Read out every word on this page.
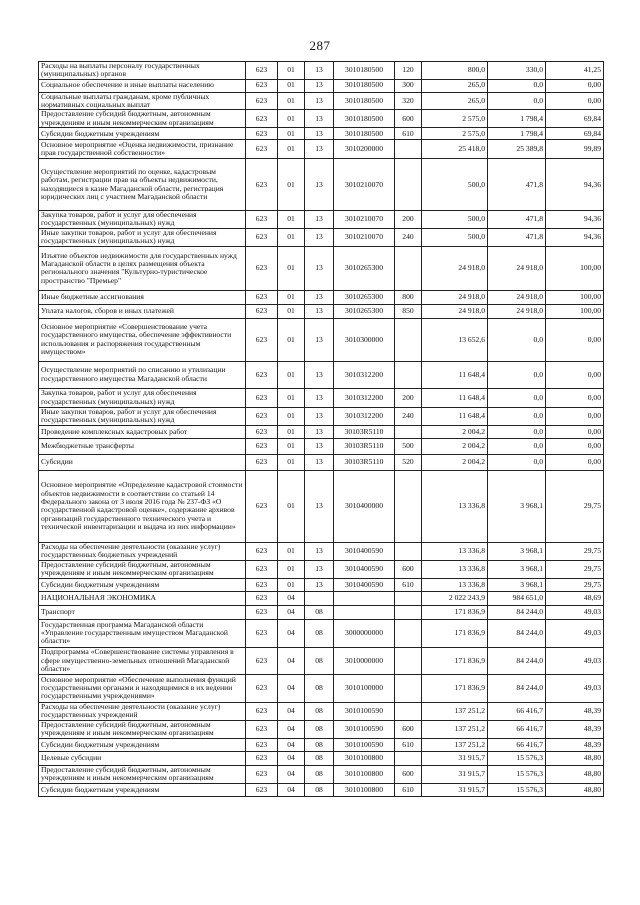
287
Расходы на выплаты персоналу государственных (муниципальных) органов	623	01	13	3010180500	120	800,0	330,0	41,25
Социальное обеспечение и иные выплаты населению	623	01	13	3010180500	300	265,0	0,0	0,00
Социальные выплаты гражданам, кроме публичных нормативных социальных выплат	623	01	13	3010180500	320	265,0	0,0	0,00
Предоставление субсидий бюджетным, автономным учреждениям и иным некоммерческим организациям	623	01	13	3010180500	600	2 575,0	1 798,4	69,84
Субсидии бюджетным учреждениям	623	01	13	3010180500	610	2 575,0	1 798,4	69,84
Основное мероприятие «Оценка недвижимости, признание прав государственной собственности»	623	01	13	3010200000		25 418,0	25 389,8	99,89
Осуществление мероприятий по оценке, кадастровым работам, регистрации прав на объекты недвижимости, находящиеся в казне Магаданской области, регистрация юридических лиц с участием Магаданской области	623	01	13	3010210070		500,0	471,8	94,36
Закупка товаров, работ и услуг для обеспечения государственных (муниципальных) нужд	623	01	13	3010210070	200	500,0	471,8	94,36
Иные закупки товаров, работ и услуг для обеспечения государственных (муниципальных) нужд	623	01	13	3010210070	240	500,0	471,8	94,36
Изъятие объектов недвижимости для государственных нужд Магаданской области в целях размещения объекта регионального значения "Культурно-туристическое пространство "Премьер"	623	01	13	3010265300		24 918,0	24 918,0	100,00
Иные бюджетные ассигнования	623	01	13	3010265300	800	24 918,0	24 918,0	100,00
Уплата налогов, сборов и иных платежей	623	01	13	3010265300	850	24 918,0	24 918,0	100,00
Основное мероприятие «Совершенствование учета государственного имущества, обеспечение эффективности использования и распоряжения государственным имуществом»	623	01	13	3010300000		13 652,6	0,0	0,00
Осуществление мероприятий по списанию и утилизации государственного имущества Магаданской области	623	01	13	3010312200		11 648,4	0,0	0,00
Закупка товаров, работ и услуг для обеспечения государственных (муниципальных) нужд	623	01	13	3010312200	200	11 648,4	0,0	0,00
Иные закупки товаров, работ и услуг для обеспечения государственных (муниципальных) нужд	623	01	13	3010312200	240	11 648,4	0,0	0,00
Проведение комплексных кадастровых работ	623	01	13	30103R5110		2 004,2	0,0	0,00
Межбюджетные трансферты	623	01	13	30103R5110	500	2 004,2	0,0	0,00
Субсидии	623	01	13	30103R5110	520	2 004,2	0,0	0,00
Основное мероприятие «Определение кадастровой стоимости объектов недвижимости в соответствии со статьей 14 Федерального закона от 3 июля 2016 года № 237-ФЗ «О государственной кадастровой оценке», содержание архивов организаций государственного технического учета и технической инвентаризации и выдача из них информации»	623	01	13	3010400000		13 336,8	3 968,1	29,75
Расходы на обеспечение деятельности (оказание услуг) государственных бюджетных учреждений	623	01	13	3010400590		13 336,8	3 968,1	29,75
Предоставление субсидий бюджетным, автономным учреждениям и иным некоммерческим организациям	623	01	13	3010400590	600	13 336,8	3 968,1	29,75
Субсидии бюджетным учреждениям	623	01	13	3010400590	610	13 336,8	3 968,1	29,75
НАЦИОНАЛЬНАЯ ЭКОНОМИКА	623	04				2 022 243,9	984 651,0	48,69
Транспорт	623	04	08			171 836,9	84 244,0	49,03
Государственная программа Магаданской области «Управление государственным имуществом Магаданской области»	623	04	08	3000000000		171 836,9	84 244,0	49,03
Подпрограмма «Совершенствование системы управления в сфере имущественно-земельных отношений Магаданской области»	623	04	08	3010000000		171 836,9	84 244,0	49,03
Основное мероприятие «Обеспечение выполнения функций государственными органами и находящимися в их ведении государственными учреждениями»	623	04	08	3010100000		171 836,9	84 244,0	49,03
Расходы на обеспечение деятельности (оказание услуг) государственных учреждений	623	04	08	3010100590		137 251,2	66 416,7	48,39
Предоставление субсидий бюджетным, автономным учреждениям и иным некоммерческим организациям	623	04	08	3010100590	600	137 251,2	66 416,7	48,39
Субсидии бюджетным учреждениям	623	04	08	3010100590	610	137 251,2	66 416,7	48,39
Целевые субсидии	623	04	08	3010100800		31 915,7	15 576,3	48,80
Предоставление субсидий бюджетным, автономным учреждениям и иным некоммерческим организациям	623	04	08	3010100800	600	31 915,7	15 576,3	48,80
Субсидии бюджетным учреждениям	623	04	08	3010100800	610	31 915,7	15 576,3	48,80
